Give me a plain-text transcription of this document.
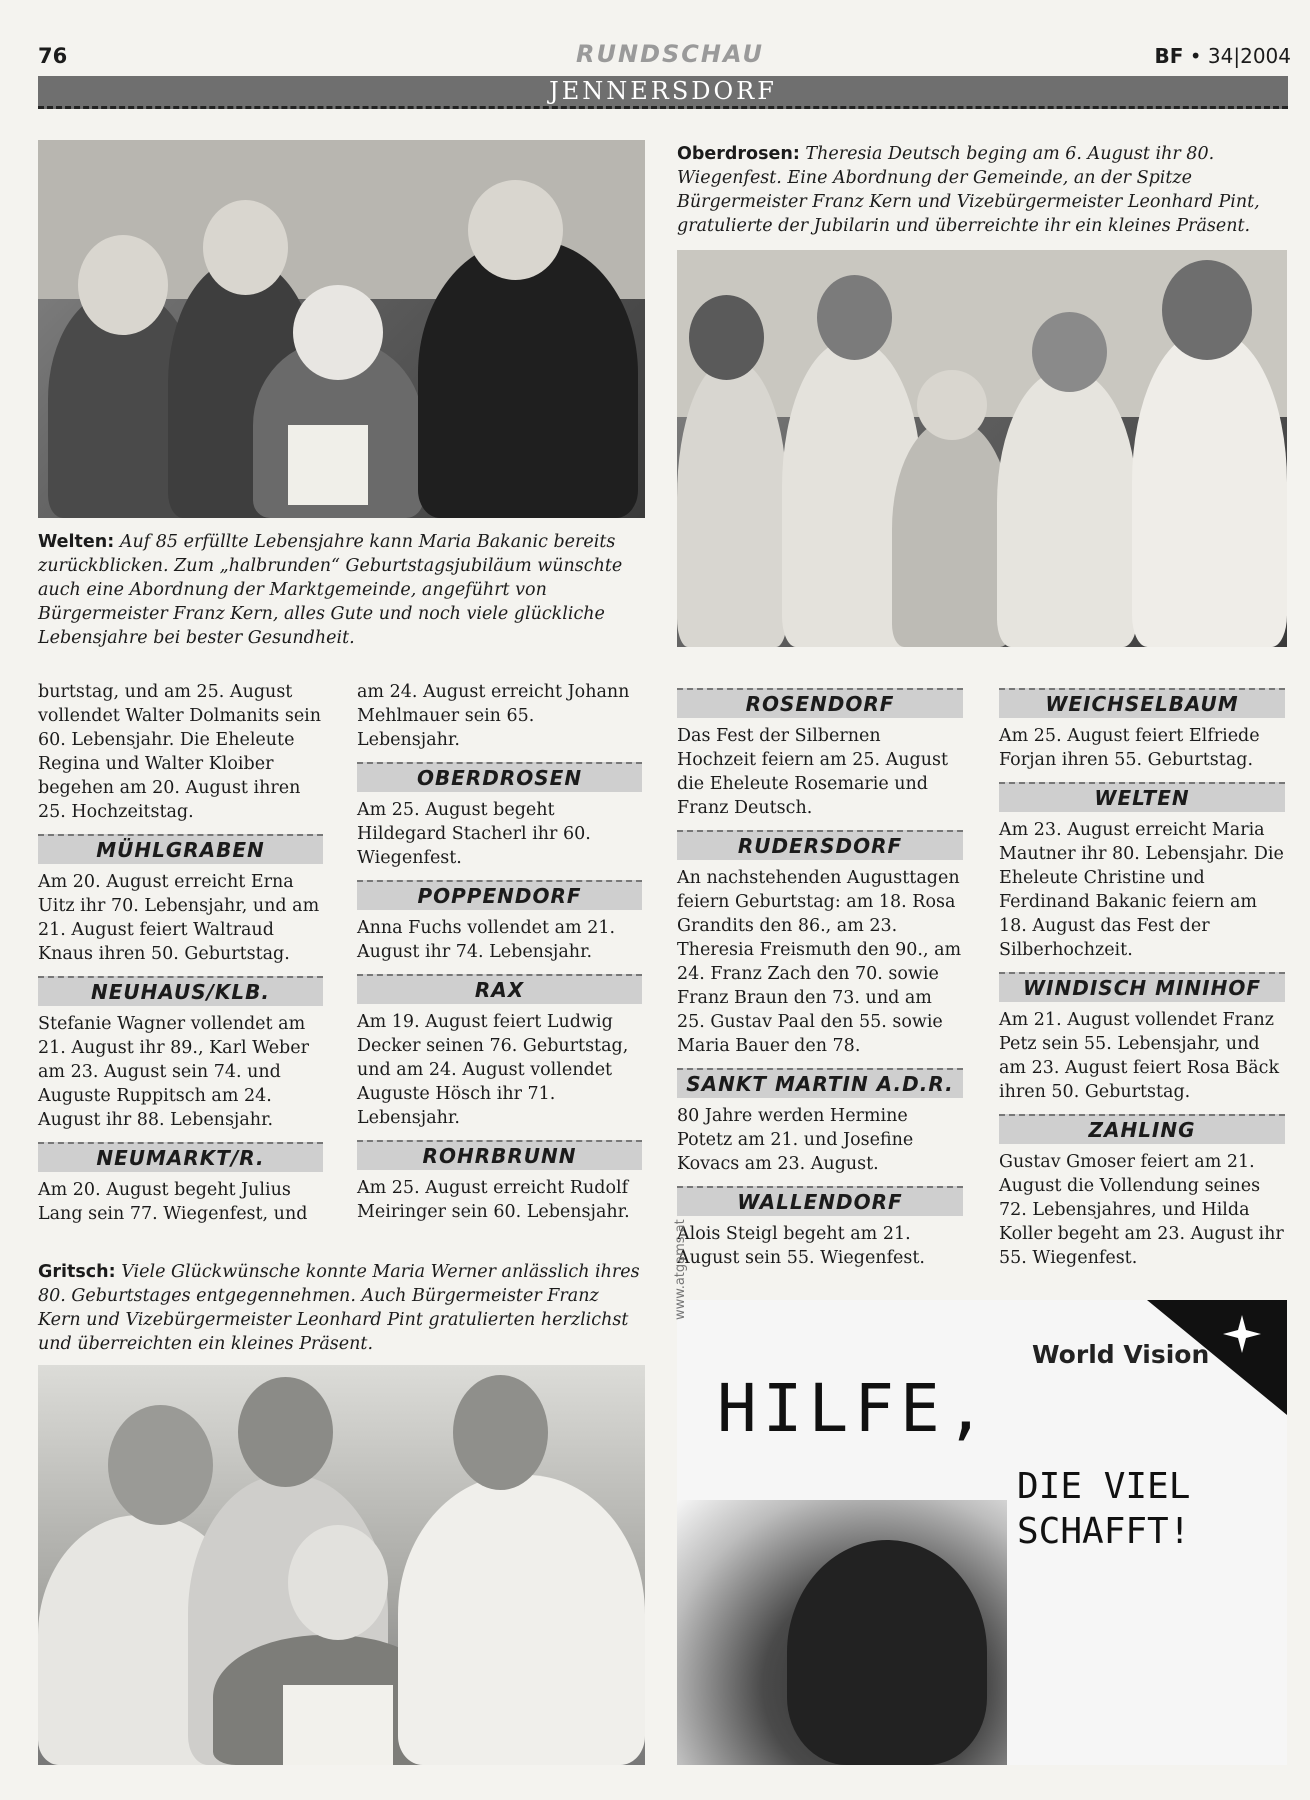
76	RUNDSCHAU	BF • 34|2004
JENNERSDORF
Welten: Auf 85 erfüllte Lebensjahre kann Maria Bakanic bereits zurückblicken. Zum „halbrunden“ Geburtstagsjubiläum wünschte auch eine Abordnung der Marktgemeinde, angeführt von Bürgermeister Franz Kern, alles Gute und noch viele glückliche Lebensjahre bei bester Gesundheit.
Oberdrosen: Theresia Deutsch beging am 6. August ihr 80. Wiegenfest. Eine Abordnung der Gemeinde, an der Spitze Bürgermeister Franz Kern und Vizebürgermeister Leonhard Pint, gratulierte der Jubilarin und überreichte ihr ein kleines Präsent.

burtstag, und am 25. August vollendet Walter Dolmanits sein 60. Lebensjahr. Die Eheleute Regina und Walter Kloiber begehen am 20. August ihren 25. Hochzeitstag.

MÜHLGRABEN

Am 20. August erreicht Erna Uitz ihr 70. Lebensjahr, und am 21. August feiert Waltraud Knaus ihren 50. Geburtstag.

NEUHAUS/KLB.

Stefanie Wagner vollendet am 21. August ihr 89., Karl Weber am 23. August sein 74. und Auguste Ruppitsch am 24. August ihr 88. Lebensjahr.

NEUMARKT/R.

Am 20. August begeht Julius Lang sein 77. Wiegenfest, und

am 24. August erreicht Johann Mehlmauer sein 65. Lebensjahr.

OBERDROSEN

Am 25. August begeht Hildegard Stacherl ihr 60. Wiegenfest.

POPPENDORF

Anna Fuchs vollendet am 21. August ihr 74. Lebensjahr.

RAX

Am 19. August feiert Ludwig Decker seinen 76. Geburtstag, und am 24. August vollendet Auguste Hösch ihr 71. Lebensjahr.

ROHRBRUNN

Am 25. August erreicht Rudolf Meiringer sein 60. Lebensjahr.

ROSENDORF

Das Fest der Silbernen Hochzeit feiern am 25. August die Eheleute Rosemarie und Franz Deutsch.

RUDERSDORF

An nachstehenden Augusttagen feiern Geburtstag: am 18. Rosa Grandits den 86., am 23. Theresia Freismuth den 90., am 24. Franz Zach den 70. sowie Franz Braun den 73. und am 25. Gustav Paal den 55. sowie Maria Bauer den 78.

SANKT MARTIN A.D.R.

80 Jahre werden Hermine Potetz am 21. und Josefine Kovacs am 23. August.

WALLENDORF

Alois Steigl begeht am 21. August sein 55. Wiegenfest.

WEICHSELBAUM

Am 25. August feiert Elfriede Forjan ihren 55. Geburtstag.

WELTEN

Am 23. August erreicht Maria Mautner ihr 80. Lebensjahr. Die Eheleute Christine und Ferdinand Bakanic feiern am 18. August das Fest der Silberhochzeit.

WINDISCH MINIHOF

Am 21. August vollendet Franz Petz sein 55. Lebensjahr, und am 23. August feiert Rosa Bäck ihren 50. Geburtstag.

ZAHLING

Gustav Gmoser feiert am 21. August die Vollendung seines 72. Lebensjahres, und Hilda Koller begeht am 23. August ihr 55. Wiegenfest.

Gritsch: Viele Glückwünsche konnte Maria Werner anlässlich ihres 80. Geburtstages entgegennehmen. Auch Bürgermeister Franz Kern und Vizebürgermeister Leonhard Pint gratulierten herzlichst und überreichten ein kleines Präsent.	World Vision
HILFE,
DIE VIEL
SCHAFFT!
www.atgams.at
